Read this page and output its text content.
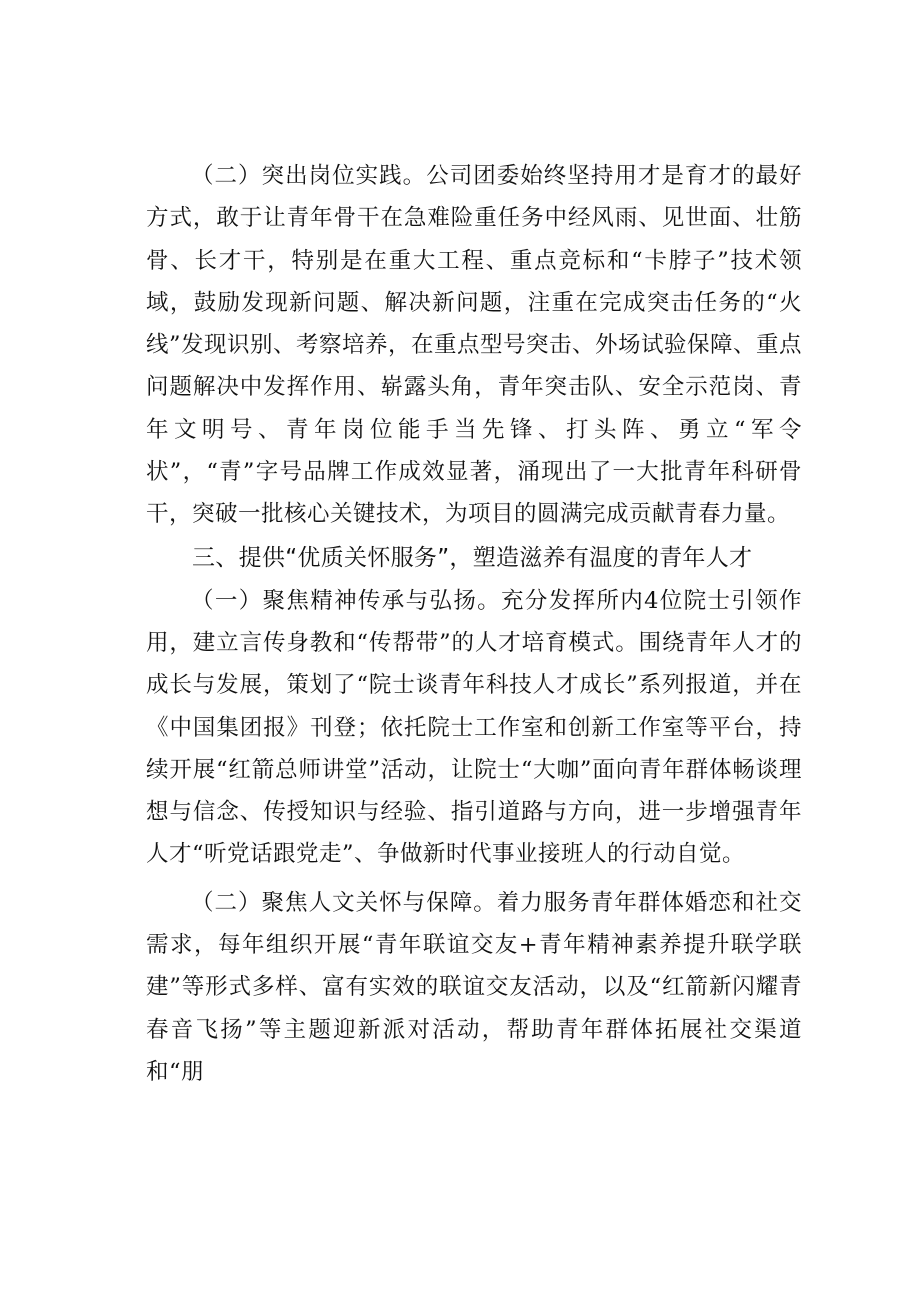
（二）突出岗位实践。公司团委始终坚持用才是育才的最好方式，敢于让青年骨干在急难险重任务中经风雨、见世面、壮筋骨、长才干，特别是在重大工程、重点竞标和“卡脖子”技术领域，鼓励发现新问题、解决新问题，注重在完成突击任务的“火线”发现识别、考察培养，在重点型号突击、外场试验保障、重点问题解决中发挥作用、崭露头角，青年突击队、安全示范岗、青年文明号、青年岗位能手当先锋、打头阵、勇立“军令状”，“青”字号品牌工作成效显著，涌现出了一大批青年科研骨干，突破一批核心关键技术，为项目的圆满完成贡献青春力量。

三、提供“优质关怀服务”，塑造滋养有温度的青年人才

（一）聚焦精神传承与弘扬。充分发挥所内4位院士引领作用，建立言传身教和“传帮带”的人才培育模式。围绕青年人才的成长与发展，策划了“院士谈青年科技人才成长”系列报道，并在《中国集团报》刊登；依托院士工作室和创新工作室等平台，持续开展“红箭总师讲堂”活动，让院士“大咖”面向青年群体畅谈理想与信念、传授知识与经验、指引道路与方向，进一步增强青年人才“听党话跟党走”、争做新时代事业接班人的行动自觉。

（二）聚焦人文关怀与保障。着力服务青年群体婚恋和社交需求，每年组织开展“青年联谊交友+青年精神素养提升联学联建”等形式多样、富有实效的联谊交友活动，以及“红箭新闪耀青春音飞扬”等主题迎新派对活动，帮助青年群体拓展社交渠道和“朋
